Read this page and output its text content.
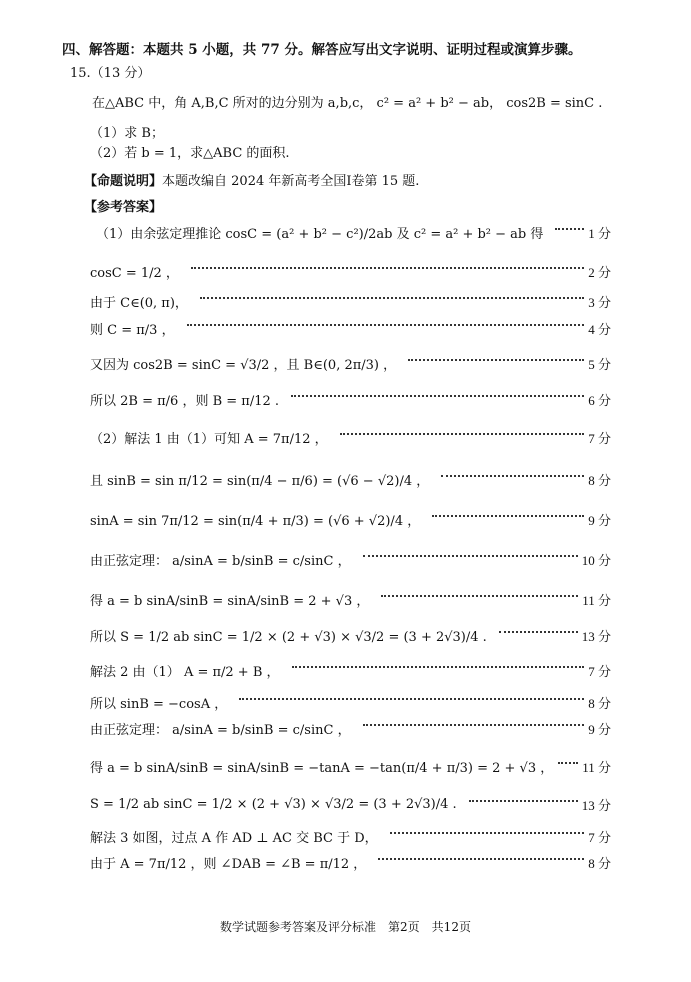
四、解答题：本题共 5 小题，共 77 分。解答应写出文字说明、证明过程或演算步骤。
15.（13 分）
在△ABC 中，角 A,B,C 所对的边分别为 a,b,c， c² = a² + b² − ab， cos2B = sinC .
（1）求 B；
（2）若 b = 1，求△ABC 的面积.
【命题说明】本题改编自 2024 年新高考全国Ⅰ卷第 15 题.
【参考答案】
（1）由余弦定理推论 cosC = (a² + b² − c²)/2ab 及 c² = a² + b² − ab 得	1 分
cosC = 1/2 ，	2 分
由于 C∈(0, π)，	3 分
则 C = π/3 ，	4 分
又因为 cos2B = sinC = √3/2 ，且 B∈(0, 2π/3) ，	5 分
所以 2B = π/6 ，则 B = π/12 .	6 分
（2）解法 1 由（1）可知 A = 7π/12 ，	7 分
且 sinB = sin π/12 = sin(π/4 − π/6) = (√6 − √2)/4 ，	8 分
sinA = sin 7π/12 = sin(π/4 + π/3) = (√6 + √2)/4 ，	9 分
由正弦定理： a/sinA = b/sinB = c/sinC ，	10 分
得 a = b sinA/sinB = sinA/sinB = 2 + √3 ，	11 分
所以 S = 1/2 ab sinC = 1/2 × (2 + √3) × √3/2 = (3 + 2√3)/4 .	13 分
解法 2 由（1） A = π/2 + B ，	7 分
所以 sinB = −cosA ，	8 分
由正弦定理： a/sinA = b/sinB = c/sinC ，	9 分
得 a = b sinA/sinB = sinA/sinB = −tanA = −tan(π/4 + π/3) = 2 + √3 ， 11 分
S = 1/2 ab sinC = 1/2 × (2 + √3) × √3/2 = (3 + 2√3)/4 .	13 分
解法 3 如图，过点 A 作 AD ⊥ AC 交 BC 于 D，	7 分
由于 A = 7π/12 ，则 ∠DAB = ∠B = π/12 ，	8 分
数学试题参考答案及评分标准　第2页　共12页
